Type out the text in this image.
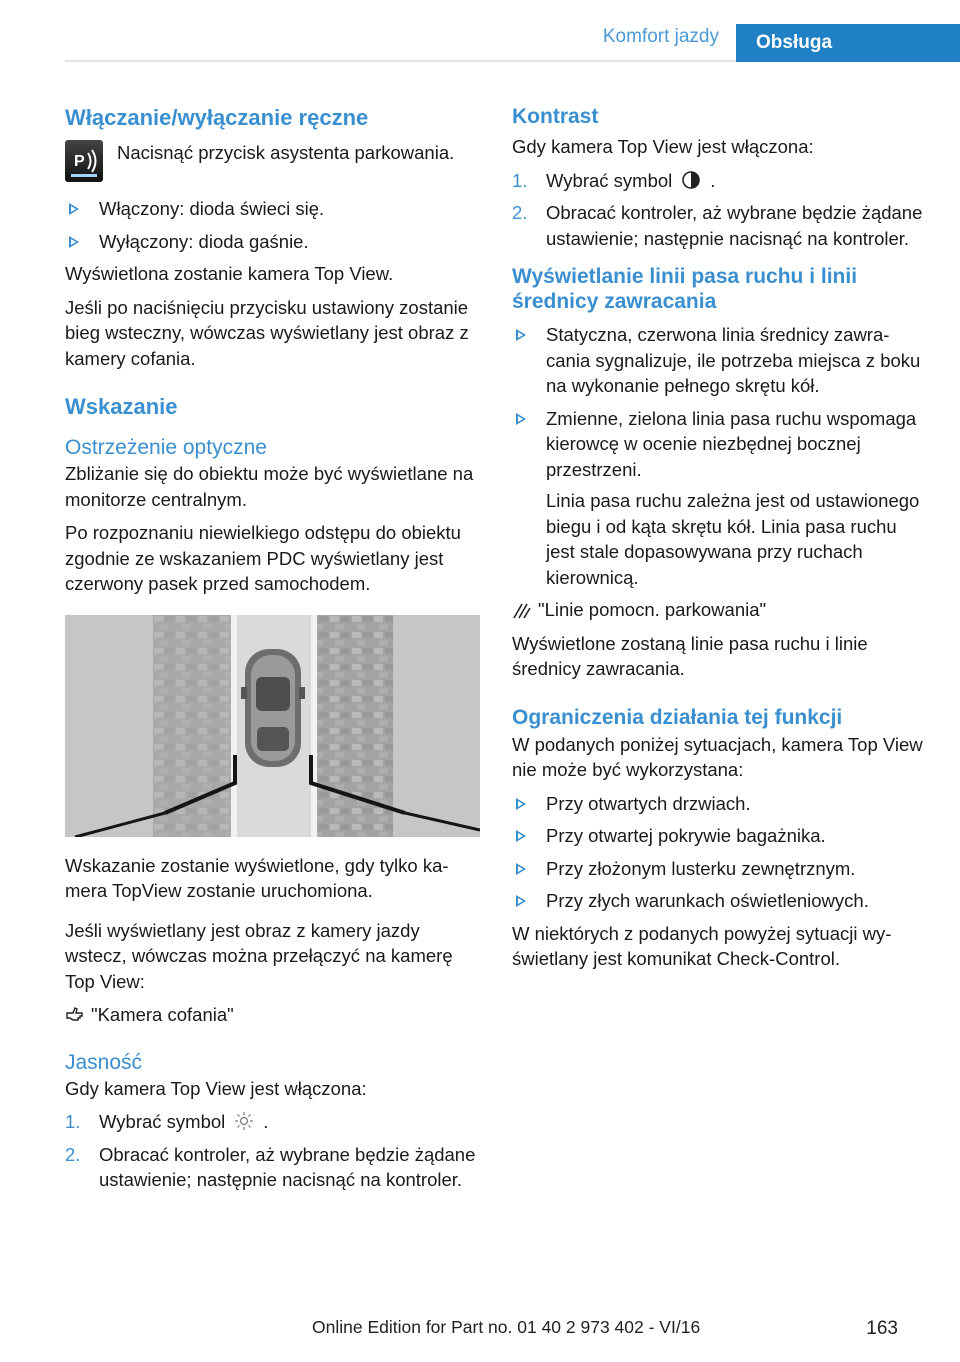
Komfort jazdy	Obsługa
Włączanie/wyłączanie ręczne
P Nacisnąć przycisk asystenta parkowania.
Włączony: dioda świeci się.
Wyłączony: dioda gaśnie.

Wyświetlona zostanie kamera Top View.

Jeśli po naciśnięciu przycisku ustawiony zostanie bieg wsteczny, wówczas wyświetlany jest obraz z kamery cofania.

Wskazanie
Ostrzeżenie optyczne

Zbliżanie się do obiektu może być wyświetlane na monitorze centralnym.

Po rozpoznaniu niewielkiego odstępu do obiektu zgodnie ze wskazaniem PDC wyświetlany jest czerwony pasek przed samochodem.

Wskazanie zostanie wyświetlone, gdy tylko kamera TopView zostanie uruchomiona.

Jeśli wyświetlany jest obraz z kamery jazdy wstecz, wówczas można przełączyć na kamerę Top View:

"Kamera cofania"
Jasność

Gdy kamera Top View jest włączona:

1. Wybrać symbol .
2. Obracać kontroler, aż wybrane będzie żądane ustawienie; następnie nacisnąć na kontroler.
Kontrast

Gdy kamera Top View jest włączona:

1. Wybrać symbol .
2. Obracać kontroler, aż wybrane będzie żądane ustawienie; następnie nacisnąć na kontroler.
Wyświetlanie linii pasa ruchu i linii średnicy zawracania
Statyczna, czerwona linia średnicy zawracania sygnalizuje, ile potrzeba miejsca z boku na wykonanie pełnego skrętu kół.
Zmienne, zielona linia pasa ruchu wspomaga kierowcę w ocenie niezbędnej bocznej przestrzeni.
Linia pasa ruchu zależna jest od ustawionego biegu i od kąta skrętu kół. Linia pasa ruchu jest stale dopasowywana przy ruchach kierownicą.
"Linie pomocn. parkowania"

Wyświetlone zostaną linie pasa ruchu i linie średnicy zawracania.

Ograniczenia działania tej funkcji

W podanych poniżej sytuacjach, kamera Top View nie może być wykorzystana:

Przy otwartych drzwiach.
Przy otwartej pokrywie bagażnika.
Przy złożonym lusterku zewnętrznym.
Przy złych warunkach oświetleniowych.

W niektórych z podanych powyżej sytuacji wyświetlany jest komunikat Check-Control.

Online Edition for Part no. 01 40 2 973 402 - VI/16	163
